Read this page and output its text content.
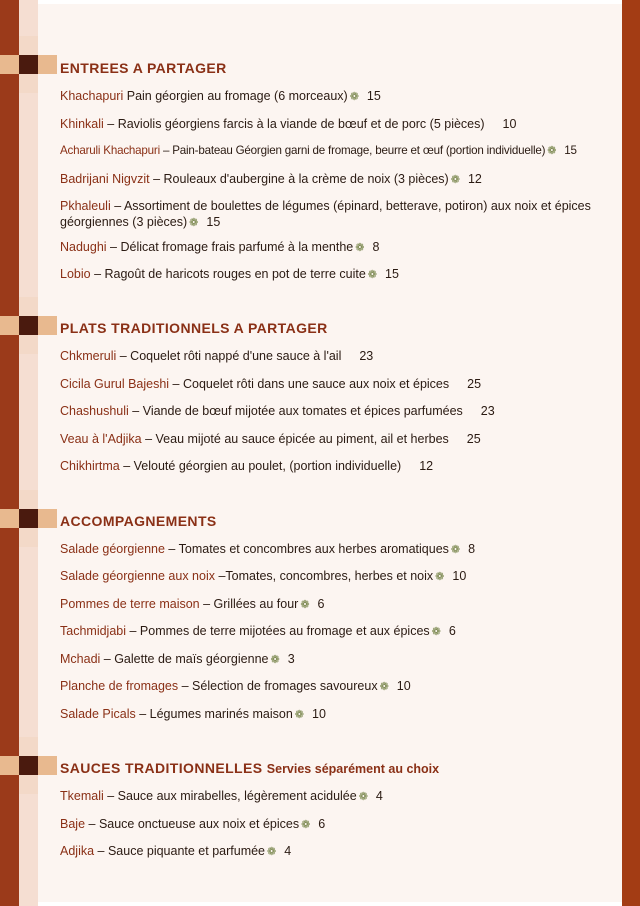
ENTREES A PARTAGER

Khachapuri Pain géorgien au fromage (6 morceaux) ❁ 15

Khinkali – Raviolis géorgiens farcis à la viande de bœuf et de porc (5 pièces) 10

Acharuli Khachapuri – Pain-bateau Géorgien garni de fromage, beurre et œuf (portion individuelle) ❁ 15

Badrijani Nigvzit – Rouleaux d'aubergine à la crème de noix (3 pièces) ❁ 12

Pkhaleuli – Assortiment de boulettes de légumes (épinard, betterave, potiron) aux noix et épices géorgiennes (3 pièces) ❁ 15

Nadughi – Délicat fromage frais parfumé à la menthe ❁ 8

Lobio – Ragoût de haricots rouges en pot de terre cuite ❁ 15

PLATS TRADITIONNELS A PARTAGER

Chkmeruli – Coquelet rôti nappé d'une sauce à l'ail 23

Cicila Gurul Bajeshi – Coquelet rôti dans une sauce aux noix et épices 25

Chashushuli – Viande de bœuf mijotée aux tomates et épices parfumées 23

Veau à l'Adjika – Veau mijoté au sauce épicée au piment, ail et herbes 25

Chikhirtma – Velouté géorgien au poulet, (portion individuelle) 12

ACCOMPAGNEMENTS

Salade géorgienne – Tomates et concombres aux herbes aromatiques ❁ 8

Salade géorgienne aux noix –Tomates, concombres, herbes et noix ❁ 10

Pommes de terre maison – Grillées au four ❁ 6

Tachmidjabi – Pommes de terre mijotées au fromage et aux épices ❁ 6

Mchadi – Galette de maïs géorgienne ❁ 3

Planche de fromages – Sélection de fromages savoureux ❁ 10

Salade Picals – Légumes marinés maison ❁ 10

SAUCES TRADITIONNELLES Servies séparément au choix

Tkemali – Sauce aux mirabelles, légèrement acidulée ❁ 4

Baje – Sauce onctueuse aux noix et épices ❁ 6

Adjika – Sauce piquante et parfumée ❁ 4
